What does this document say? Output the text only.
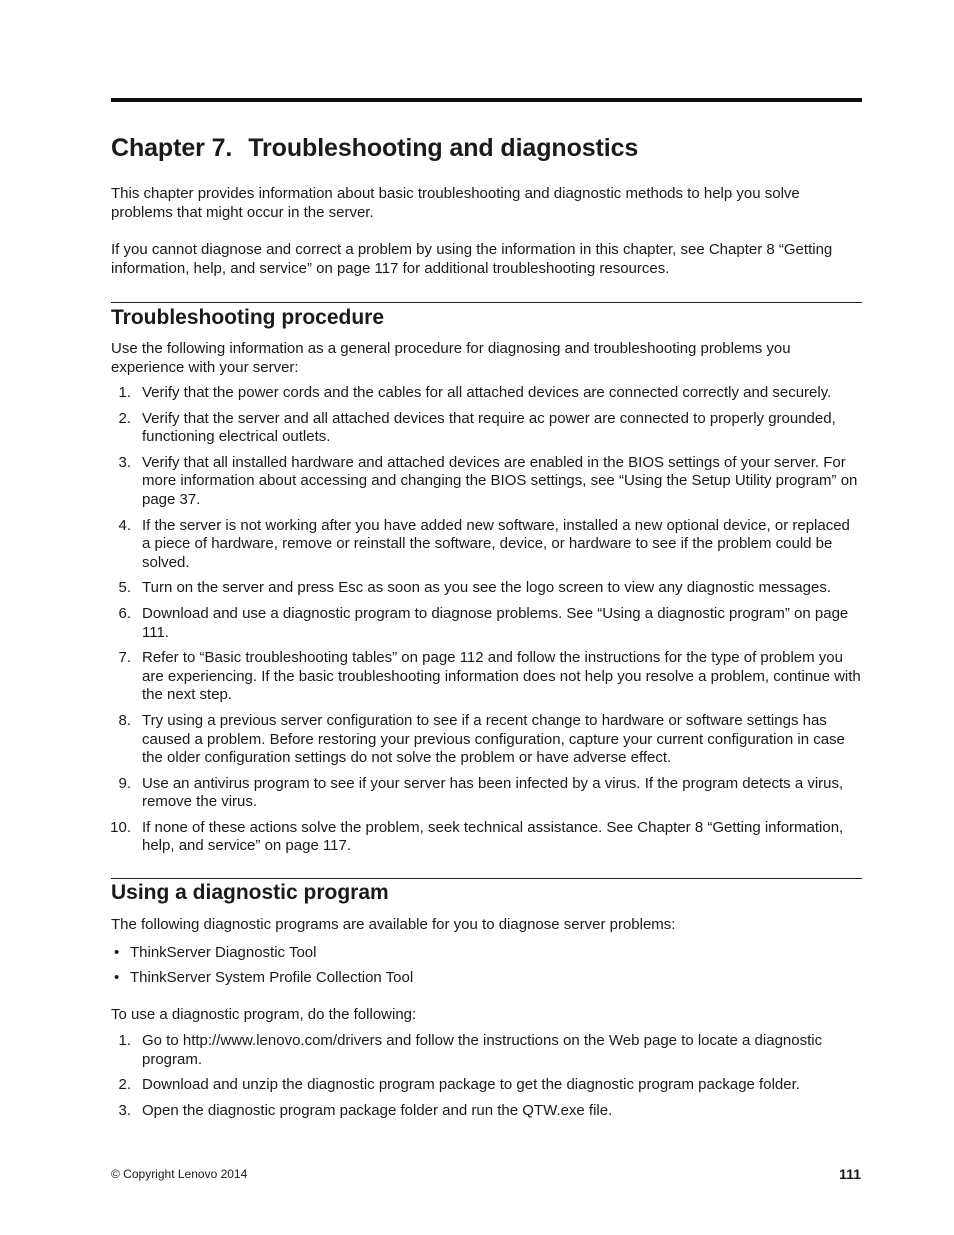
Chapter 7. Troubleshooting and diagnostics

This chapter provides information about basic troubleshooting and diagnostic methods to help you solve problems that might occur in the server.

If you cannot diagnose and correct a problem by using the information in this chapter, see Chapter 8 “Getting information, help, and service” on page 117 for additional troubleshooting resources.

Troubleshooting procedure

Use the following information as a general procedure for diagnosing and troubleshooting problems you experience with your server:

1. Verify that the power cords and the cables for all attached devices are connected correctly and securely.
2. Verify that the server and all attached devices that require ac power are connected to properly grounded, functioning electrical outlets.
3. Verify that all installed hardware and attached devices are enabled in the BIOS settings of your server. For more information about accessing and changing the BIOS settings, see “Using the Setup Utility program” on page 37.
4. If the server is not working after you have added new software, installed a new optional device, or replaced a piece of hardware, remove or reinstall the software, device, or hardware to see if the problem could be solved.
5. Turn on the server and press Esc as soon as you see the logo screen to view any diagnostic messages.
6. Download and use a diagnostic program to diagnose problems. See “Using a diagnostic program” on page 111.
7. Refer to “Basic troubleshooting tables” on page 112 and follow the instructions for the type of problem you are experiencing. If the basic troubleshooting information does not help you resolve a problem, continue with the next step.
8. Try using a previous server configuration to see if a recent change to hardware or software settings has caused a problem. Before restoring your previous configuration, capture your current configuration in case the older configuration settings do not solve the problem or have adverse effect.
9. Use an antivirus program to see if your server has been infected by a virus. If the program detects a virus, remove the virus.
10. If none of these actions solve the problem, seek technical assistance. See Chapter 8 “Getting information, help, and service” on page 117.
Using a diagnostic program

The following diagnostic programs are available for you to diagnose server problems:

• ThinkServer Diagnostic Tool
• ThinkServer System Profile Collection Tool

To use a diagnostic program, do the following:

1. Go to http://www.lenovo.com/drivers and follow the instructions on the Web page to locate a diagnostic program.
2. Download and unzip the diagnostic program package to get the diagnostic program package folder.
3. Open the diagnostic program package folder and run the QTW.exe file.
© Copyright Lenovo 2014	111
